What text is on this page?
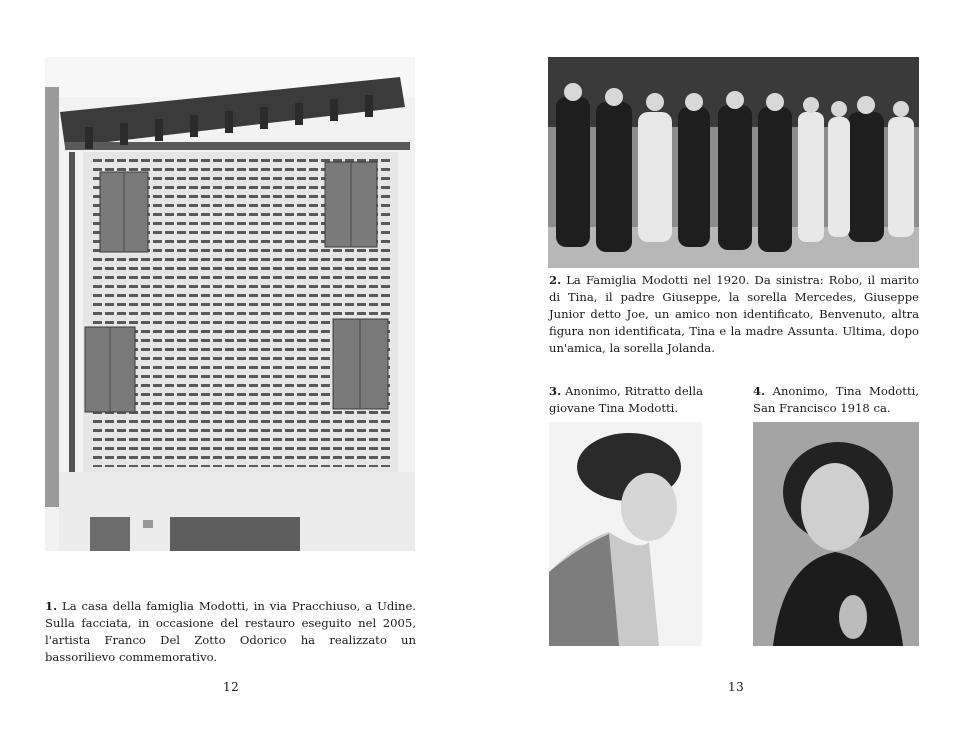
1. La casa della famiglia Modotti, in via Pracchiuso, a Udine. Sulla facciata, in occasione del restauro eseguito nel 2005, l'artista Franco Del Zotto Odorico ha realizzato un bassorilievo commemorativo.
12
2. La Famiglia Modotti nel 1920. Da sinistra: Robo, il marito di Tina, il padre Giuseppe, la sorella Mercedes, Giuseppe Junior detto Joe, un amico non identificato, Benvenuto, altra figura non identificata, Tina e la madre Assunta. Ultima, dopo un'amica, la sorella Jolanda.
3. Anonimo, Ritratto della giovane Tina Modotti.
4. Anonimo, Tina Modotti, San Francisco 1918 ca.
13
